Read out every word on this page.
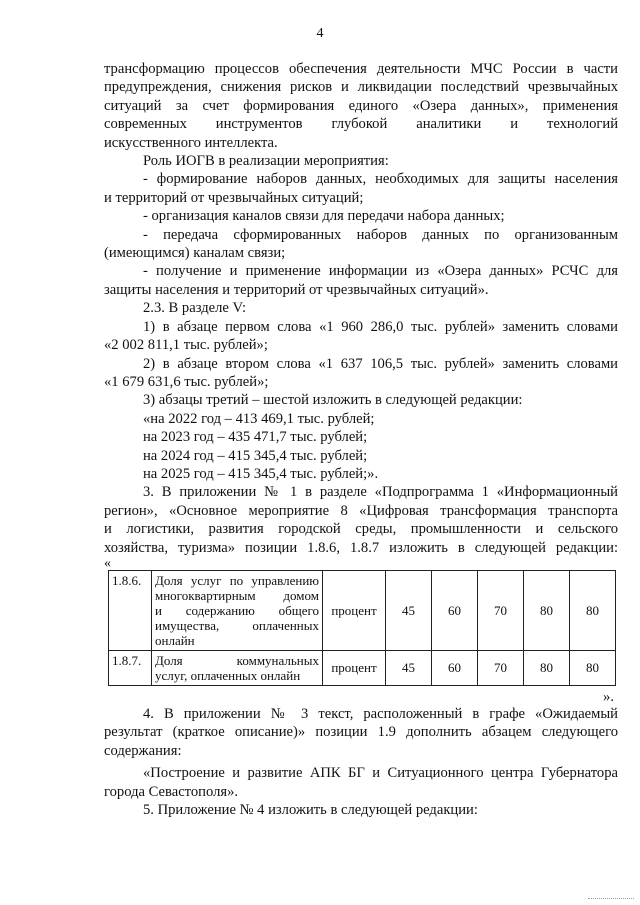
4
трансформацию процессов обеспечения деятельности МЧС России в части
предупреждения, снижения рисков и ликвидации последствий чрезвычайных
ситуаций за счет формирования единого «Озера данных», применения
современных инструментов глубокой аналитики и технологий
искусственного интеллекта.
Роль ИОГВ в реализации мероприятия:
- формирование наборов данных, необходимых для защиты населения
и территорий от чрезвычайных ситуаций;
- организация каналов связи для передачи набора данных;
- передача сформированных наборов данных по организованным
(имеющимся) каналам связи;
- получение и применение информации из «Озера данных» РСЧС для
защиты населения и территорий от чрезвычайных ситуаций».
2.3. В разделе V:
1) в абзаце первом слова «1 960 286,0 тыс. рублей» заменить словами
«2 002 811,1 тыс. рублей»;
2) в абзаце втором слова «1 637 106,5 тыс. рублей» заменить словами
«1 679 631,6 тыс. рублей»;
3) абзацы третий – шестой изложить в следующей редакции:
«на 2022 год – 413 469,1 тыс. рублей;
на 2023 год – 435 471,7 тыс. рублей;
на 2024 год – 415 345,4 тыс. рублей;
на 2025 год – 415 345,4 тыс. рублей;».
3. В приложении № 1 в разделе «Подпрограмма 1 «Информационный
регион», «Основное мероприятие 8 «Цифровая трансформация транспорта
и логистики, развития городской среды, промышленности и сельского
хозяйства, туризма» позиции 1.8.6, 1.8.7 изложить в следующей редакции:
«
1.8.6.	Доля услуг по управлению
многоквартирным домом
и содержанию общего
имущества, оплаченных
онлайн	процент	45	60	70	80	80
1.8.7.	Доля коммунальных
услуг, оплаченных онлайн	процент	45	60	70	80	80
».
4. В приложении № 3 текст, расположенный в графе «Ожидаемый
результат (краткое описание)» позиции 1.9 дополнить абзацем следующего
содержания:
«Построение и развитие АПК БГ и Ситуационного центра Губернатора
города Севастополя».
5. Приложение № 4 изложить в следующей редакции:
